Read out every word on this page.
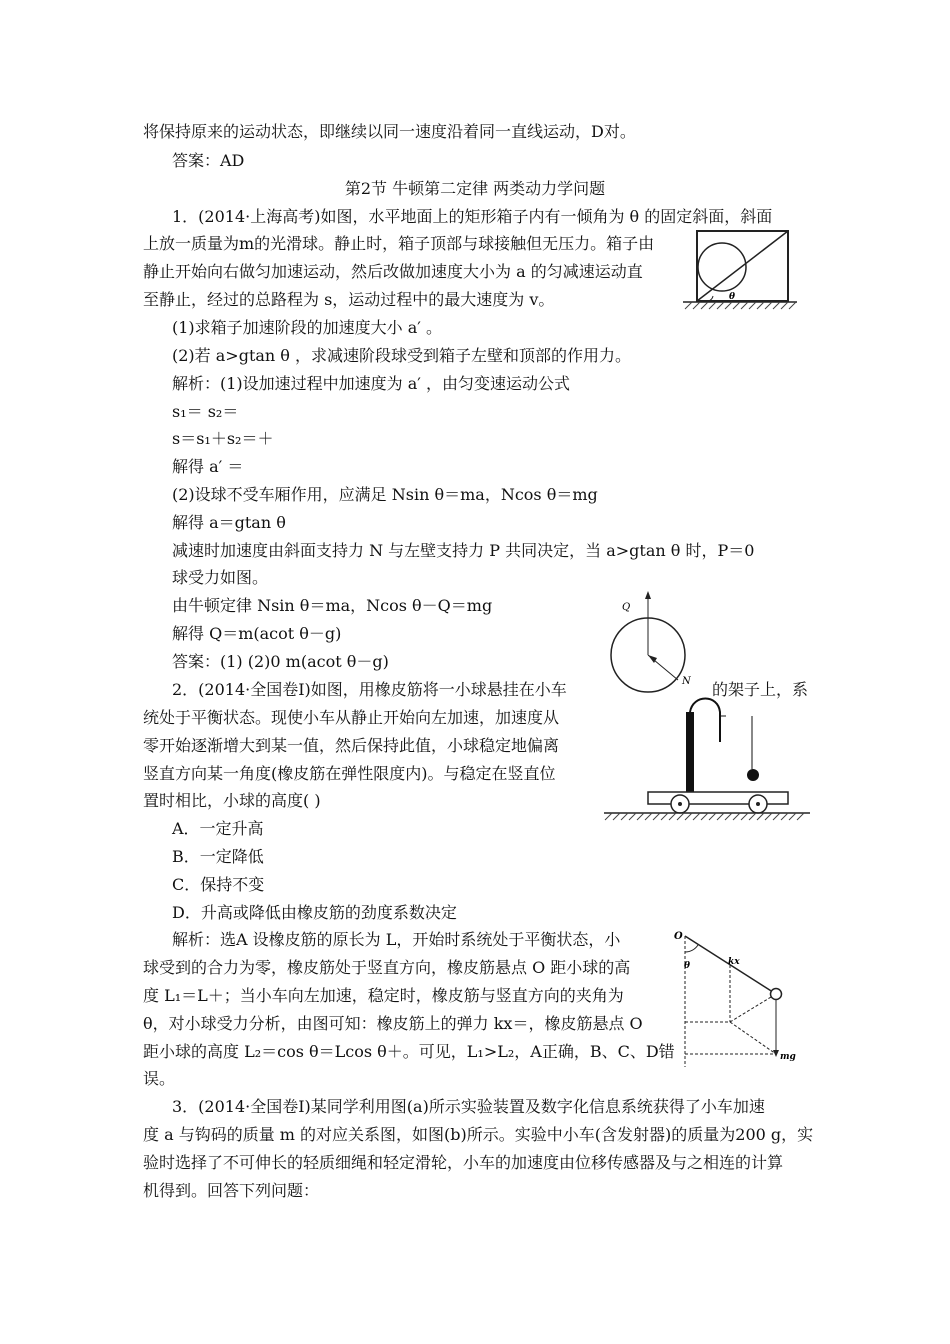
将保持原来的运动状态，即继续以同一速度沿着同一直线运动，D对。
答案：AD
第2节 牛顿第二定律 两类动力学问题
1．(2014·上海高考)如图，水平地面上的矩形箱子内有一倾角为 θ 的固定斜面，斜面
上放一质量为m的光滑球。静止时，箱子顶部与球接触但无压力。箱子由
静止开始向右做匀加速运动，然后改做加速度大小为 a 的匀减速运动直
至静止，经过的总路程为 s，运动过程中的最大速度为 v。
(1)求箱子加速阶段的加速度大小 a′ 。
(2)若 a>gtan θ ，求减速阶段球受到箱子左壁和顶部的作用力。
解析：(1)设加速过程中加速度为 a′ ，由匀变速运动公式
s₁＝ s₂＝
s＝s₁＋s₂＝＋
解得 a′ ＝
(2)设球不受车厢作用，应满足 Nsin θ＝ma，Ncos θ＝mg
解得 a＝gtan θ
减速时加速度由斜面支持力 N 与左壁支持力 P 共同决定，当 a>gtan θ 时，P＝0
球受力如图。
由牛顿定律 Nsin θ＝ma，Ncos θ－Q＝mg
解得 Q＝m(acot θ－g)
答案：(1) (2)0 m(acot θ－g)
2．(2014·全国卷Ⅰ)如图，用橡皮筋将一小球悬挂在小车	的架子上，系
统处于平衡状态。现使小车从静止开始向左加速，加速度从
零开始逐渐增大到某一值，然后保持此值，小球稳定地偏离
竖直方向某一角度(橡皮筋在弹性限度内)。与稳定在竖直位
置时相比，小球的高度( )
A．一定升高
B．一定降低
C．保持不变
D．升高或降低由橡皮筋的劲度系数决定
解析：选A 设橡皮筋的原长为 L，开始时系统处于平衡状态，小
球受到的合力为零，橡皮筋处于竖直方向，橡皮筋悬点 O 距小球的高
度 L₁＝L＋；当小车向左加速，稳定时，橡皮筋与竖直方向的夹角为
θ，对小球受力分析，由图可知：橡皮筋上的弹力 kx＝，橡皮筋悬点 O
距小球的高度 L₂＝cos θ＝Lcos θ＋。可见，L₁>L₂，A正确，B、C、D错
误。
3．(2014·全国卷Ⅰ)某同学利用图(a)所示实验装置及数字化信息系统获得了小车加速
度 a 与钩码的质量 m 的对应关系图，如图(b)所示。实验中小车(含发射器)的质量为200 g，实
验时选择了不可伸长的轻质细绳和轻定滑轮，小车的加速度由位移传感器及与之相连的计算
机得到。回答下列问题：
θ
Q
N
O
θ	kx
mg
